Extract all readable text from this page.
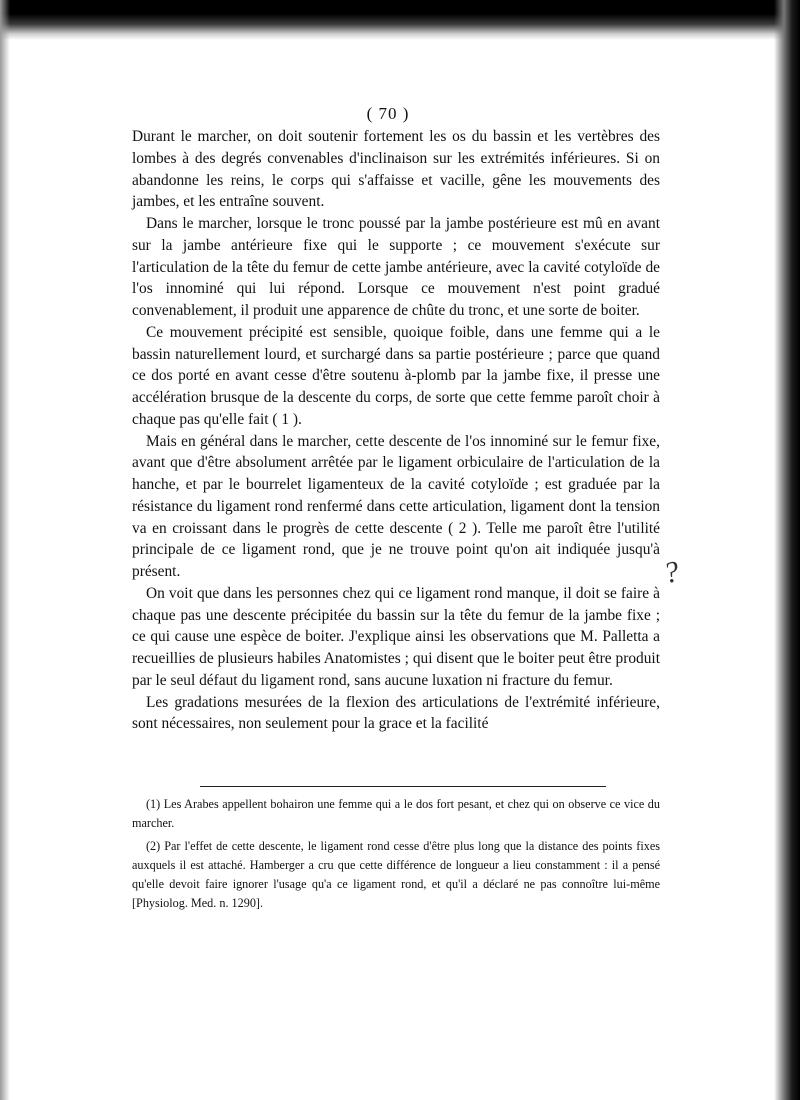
( 70 )

Durant le marcher, on doit soutenir fortement les os du bassin et les vertèbres des lombes à des degrés convenables d'inclinaison sur les extrémités inférieures. Si on abandonne les reins, le corps qui s'affaisse et vacille, gêne les mouvements des jambes, et les entraîne souvent.

Dans le marcher, lorsque le tronc poussé par la jambe postérieure est mû en avant sur la jambe antérieure fixe qui le supporte ; ce mouvement s'exécute sur l'articulation de la tête du femur de cette jambe antérieure, avec la cavité cotyloïde de l'os innominé qui lui répond. Lorsque ce mouvement n'est point gradué convenablement, il produit une apparence de chûte du tronc, et une sorte de boiter.

Ce mouvement précipité est sensible, quoique foible, dans une femme qui a le bassin naturellement lourd, et surchargé dans sa partie postérieure ; parce que quand ce dos porté en avant cesse d'être soutenu à-plomb par la jambe fixe, il presse une accélération brusque de la descente du corps, de sorte que cette femme paroît choir à chaque pas qu'elle fait ( 1 ).

Mais en général dans le marcher, cette descente de l'os innominé sur le femur fixe, avant que d'être absolument arrêtée par le ligament orbiculaire de l'articulation de la hanche, et par le bourrelet ligamenteux de la cavité cotyloïde ; est graduée par la résistance du ligament rond renfermé dans cette articulation, ligament dont la tension va en croissant dans le progrès de cette descente ( 2 ). Telle me paroît être l'utilité principale de ce ligament rond, que je ne trouve point qu'on ait indiquée jusqu'à présent.

On voit que dans les personnes chez qui ce ligament rond manque, il doit se faire à chaque pas une descente précipitée du bassin sur la tête du femur de la jambe fixe ; ce qui cause une espèce de boiter. J'explique ainsi les observations que M. Palletta a recueillies de plusieurs habiles Anatomistes ; qui disent que le boiter peut être produit par le seul défaut du ligament rond, sans aucune luxation ni fracture du femur.

Les gradations mesurées de la flexion des articulations de l'extrémité inférieure, sont nécessaires, non seulement pour la grace et la facilité

?

(1) Les Arabes appellent bohairon une femme qui a le dos fort pesant, et chez qui on observe ce vice du marcher.

(2) Par l'effet de cette descente, le ligament rond cesse d'être plus long que la distance des points fixes auxquels il est attaché. Hamberger a cru que cette différence de longueur a lieu constamment : il a pensé qu'elle devoit faire ignorer l'usage qu'a ce ligament rond, et qu'il a déclaré ne pas connoître lui-même [Physiolog. Med. n. 1290].
